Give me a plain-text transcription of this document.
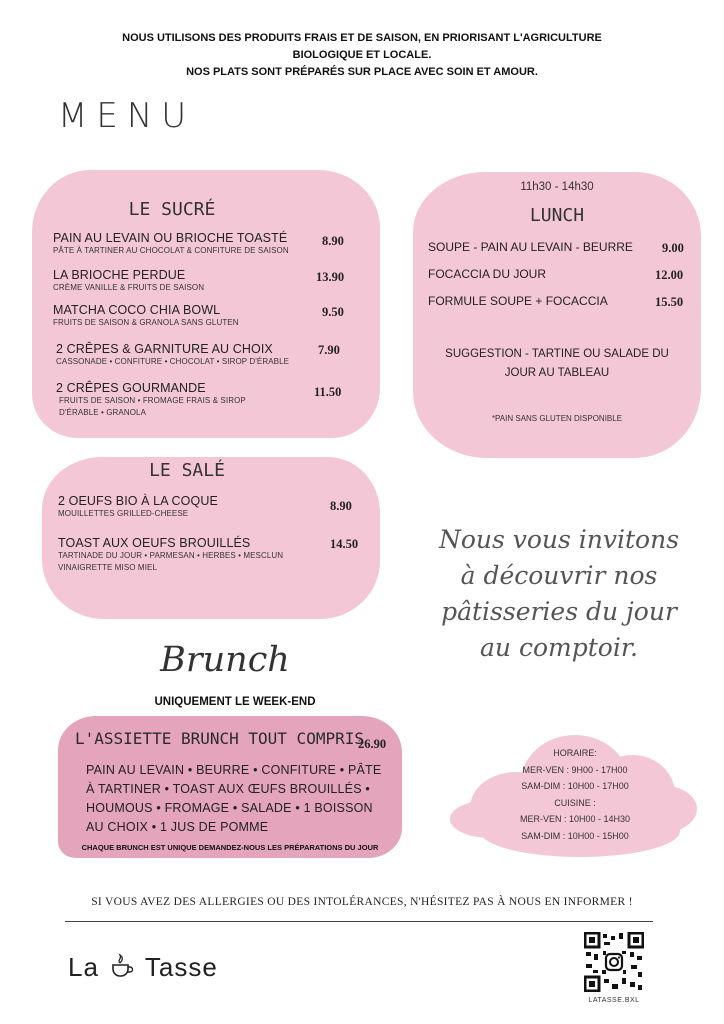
NOUS UTILISONS DES PRODUITS FRAIS ET DE SAISON, EN PRIORISANT L'AGRICULTURE
BIOLOGIQUE ET LOCALE.
NOS PLATS SONT PRÉPARÉS SUR PLACE AVEC SOIN ET AMOUR.
MENU
LE SUCRÉ
PAIN AU LEVAIN OU BRIOCHE TOASTÉ
PÂTE À TARTINER AU CHOCOLAT & CONFITURE DE SAISON
8.90
LA BRIOCHE PERDUE
CRÈME VANILLE & FRUITS DE SAISON
13.90
MATCHA COCO CHIA BOWL
FRUITS DE SAISON & GRANOLA SANS GLUTEN
9.50
2 CRÊPES & GARNITURE AU CHOIX
CASSONADE • CONFITURE • CHOCOLAT • SIROP D'ÉRABLE
7.90
2 CRÊPES GOURMANDE
FRUITS DE SAISON • FROMAGE FRAIS & SIROP
D'ÉRABLE • GRANOLA
11.50
LE SALÉ
2 OEUFS BIO À LA COQUE
MOUILLETTES GRILLED-CHEESE
8.90
TOAST AUX OEUFS BROUILLÉS
TARTINADE DU JOUR • PARMESAN • HERBES • MESCLUN
VINAIGRETTE MISO MIEL
14.50
11h30 - 14h30
LUNCH
SOUPE - PAIN AU LEVAIN - BEURRE 9.00
FOCACCIA DU JOUR	12.00
FORMULE SOUPE + FOCACCIA	15.50
SUGGESTION - TARTINE OU SALADE DU
JOUR AU TABLEAU
*PAIN SANS GLUTEN DISPONIBLE
Nous vous invitons
à découvrir nos
pâtisseries du jour
au comptoir.
Brunch
UNIQUEMENT LE WEEK-END
L'ASSIETTE BRUNCH TOUT COMPRIS
26.90
PAIN AU LEVAIN • BEURRE • CONFITURE • PÂTE
À TARTINER • TOAST AUX ŒUFS BROUILLÉS •
HOUMOUS • FROMAGE • SALADE • 1 BOISSON
AU CHOIX • 1 JUS DE POMME
CHAQUE BRUNCH EST UNIQUE DEMANDEZ-NOUS LES PRÉPARATIONS DU JOUR
HORAIRE:
MER-VEN : 9H00 - 17H00
SAM-DIM : 10H00 - 17H00
CUISINE :
MER-VEN : 10H00 - 14H30
SAM-DIM : 10H00 - 15H00
SI VOUS AVEZ DES ALLERGIES OU DES INTOLÉRANCES, N'HÉSITEZ PAS À NOUS EN INFORMER !
La Tasse
LATASSE.BXL
